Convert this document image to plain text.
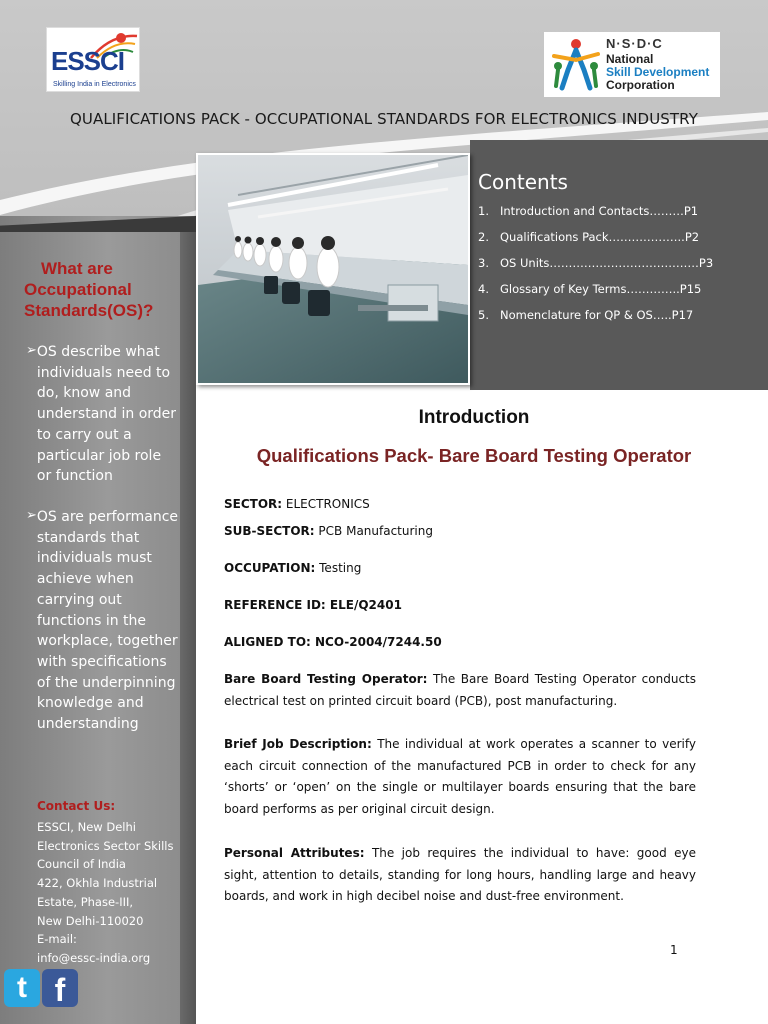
ESSCI
Skilling India in Electronics
N·S·D·C
National
Skill Development
Corporation
QUALIFICATIONS PACK - OCCUPATIONAL STANDARDS FOR ELECTRONICS INDUSTRY
Contents
1. Introduction and Contacts………P1
2. Qualifications Pack………………..P2
3. OS Units…………………………………P3
4. Glossary of Key Terms…………..P15
5. Nomenclature for QP & OS…..P17
What are
Occupational
Standards(OS)?
➢ OS describe what individuals need to do, know and understand in order to carry out a particular job role or function
➢ OS are performance standards that individuals must achieve when carrying out functions in the workplace, together with specifications of the underpinning knowledge and understanding
Contact Us:
ESSCI, New Delhi
Electronics Sector Skills
Council of India
422, Okhla Industrial
Estate, Phase-III,
New Delhi-110020
E-mail:
info@essc-india.org
t f
Introduction
Qualifications Pack- Bare Board Testing Operator
SECTOR: ELECTRONICS
SUB-SECTOR: PCB Manufacturing
OCCUPATION: Testing
REFERENCE ID: ELE/Q2401
ALIGNED TO: NCO-2004/7244.50
Bare Board Testing Operator: The Bare Board Testing Operator conducts electrical test on printed circuit board (PCB), post manufacturing.
Brief Job Description: The individual at work operates a scanner to verify each circuit connection of the manufactured PCB in order to check for any ‘shorts’ or ‘open’ on the single or multilayer boards ensuring that the bare board performs as per original circuit design.
Personal Attributes: The job requires the individual to have: good eye sight, attention to details, standing for long hours, handling large and heavy boards, and work in high decibel noise and dust-free environment.
1
